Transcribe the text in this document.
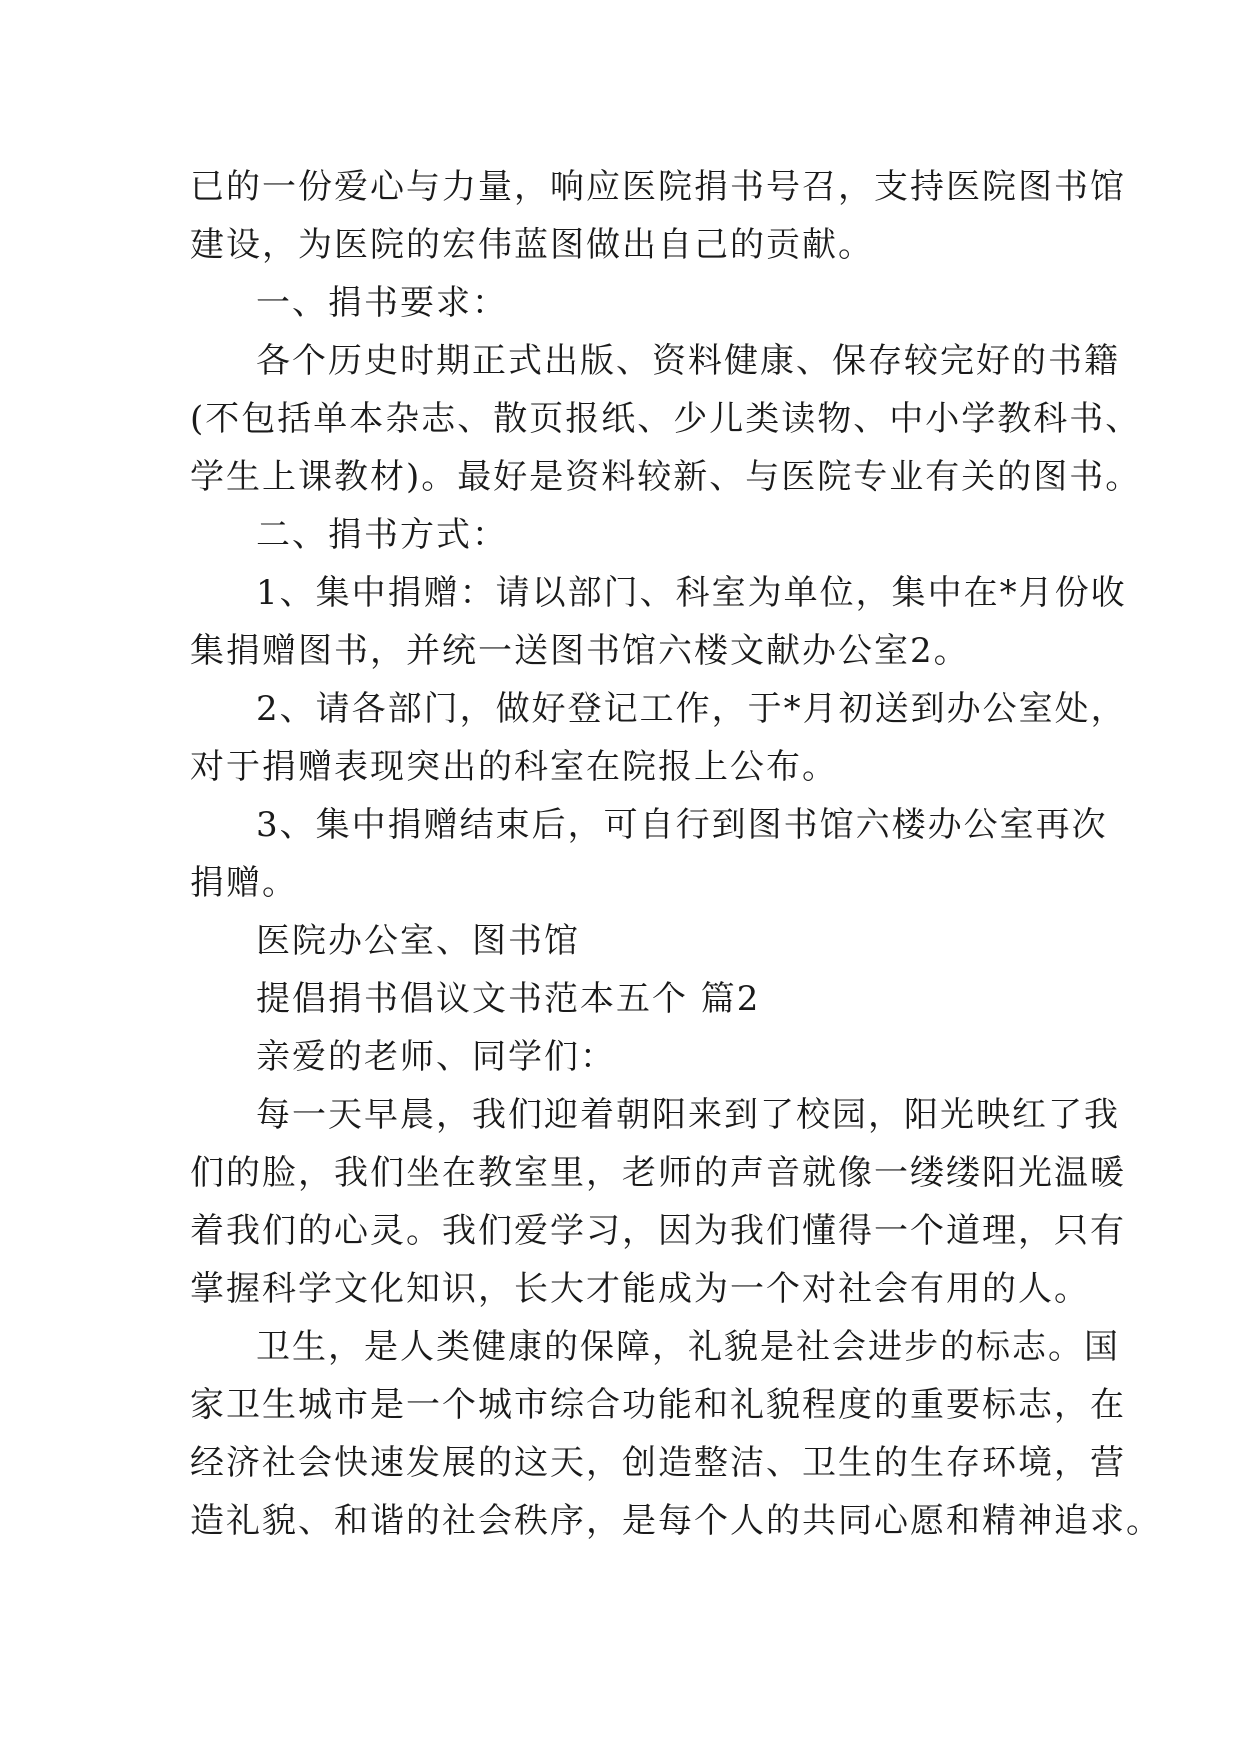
已的一份爱心与力量，响应医院捐书号召，支持医院图书馆
建设，为医院的宏伟蓝图做出自己的贡献。
一、捐书要求：
各个历史时期正式出版、资料健康、保存较完好的书籍
(不包括单本杂志、散页报纸、少儿类读物、中小学教科书、
学生上课教材)。最好是资料较新、与医院专业有关的图书。
二、捐书方式：
1、集中捐赠：请以部门、科室为单位，集中在*月份收
集捐赠图书，并统一送图书馆六楼文献办公室2。
2、请各部门，做好登记工作，于*月初送到办公室处，
对于捐赠表现突出的科室在院报上公布。
3、集中捐赠结束后，可自行到图书馆六楼办公室再次
捐赠。
医院办公室、图书馆
提倡捐书倡议文书范本五个 篇2
亲爱的老师、同学们：
每一天早晨，我们迎着朝阳来到了校园，阳光映红了我
们的脸，我们坐在教室里，老师的声音就像一缕缕阳光温暖
着我们的心灵。我们爱学习，因为我们懂得一个道理，只有
掌握科学文化知识，长大才能成为一个对社会有用的人。
卫生，是人类健康的保障，礼貌是社会进步的标志。国
家卫生城市是一个城市综合功能和礼貌程度的重要标志，在
经济社会快速发展的这天，创造整洁、卫生的生存环境，营
造礼貌、和谐的社会秩序，是每个人的共同心愿和精神追求。
